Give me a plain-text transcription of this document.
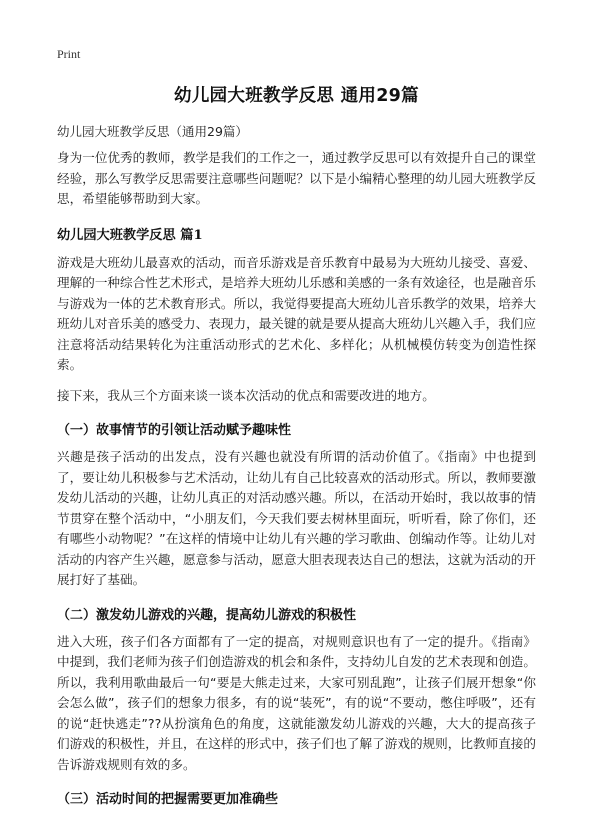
Print
幼儿园大班教学反思 通用29篇
幼儿园大班教学反思（通用29篇）

身为一位优秀的教师，教学是我们的工作之一，通过教学反思可以有效提升自己的课堂经验，那么写教学反思需要注意哪些问题呢？以下是小编精心整理的幼儿园大班教学反思，希望能够帮助到大家。

幼儿园大班教学反思 篇1

游戏是大班幼儿最喜欢的活动，而音乐游戏是音乐教育中最易为大班幼儿接受、喜爱、理解的一种综合性艺术形式，是培养大班幼儿乐感和美感的一条有效途径，也是融音乐与游戏为一体的艺术教育形式。所以，我觉得要提高大班幼儿音乐教学的效果，培养大班幼儿对音乐美的感受力、表现力，最关键的就是要从提高大班幼儿兴趣入手，我们应注意将活动结果转化为注重活动形式的艺术化、多样化；从机械模仿转变为创造性探索。

接下来，我从三个方面来谈一谈本次活动的优点和需要改进的地方。

（一）故事情节的引领让活动赋予趣味性

兴趣是孩子活动的出发点，没有兴趣也就没有所谓的活动价值了。《指南》中也提到了，要让幼儿积极参与艺术活动，让幼儿有自己比较喜欢的活动形式。所以，教师要激发幼儿活动的兴趣，让幼儿真正的对活动感兴趣。所以，在活动开始时，我以故事的情节贯穿在整个活动中，“小朋友们，今天我们要去树林里面玩，听听看，除了你们，还有哪些小动物呢？”在这样的情境中让幼儿有兴趣的学习歌曲、创编动作等。让幼儿对活动的内容产生兴趣，愿意参与活动，愿意大胆表现表达自己的想法，这就为活动的开展打好了基础。

（二）激发幼儿游戏的兴趣，提高幼儿游戏的积极性

进入大班，孩子们各方面都有了一定的提高，对规则意识也有了一定的提升。《指南》中提到，我们老师为孩子们创造游戏的机会和条件，支持幼儿自发的艺术表现和创造。所以，我利用歌曲最后一句“要是大熊走过来，大家可别乱跑”，让孩子们展开想象“你会怎么做”，孩子们的想象力很多，有的说“装死”，有的说“不要动，憋住呼吸”，还有的说“赶快逃走”??从扮演角色的角度，这就能激发幼儿游戏的兴趣，大大的提高孩子们游戏的积极性，并且，在这样的形式中，孩子们也了解了游戏的规则，比教师直接的告诉游戏规则有效的多。

（三）活动时间的把握需要更加准确些
